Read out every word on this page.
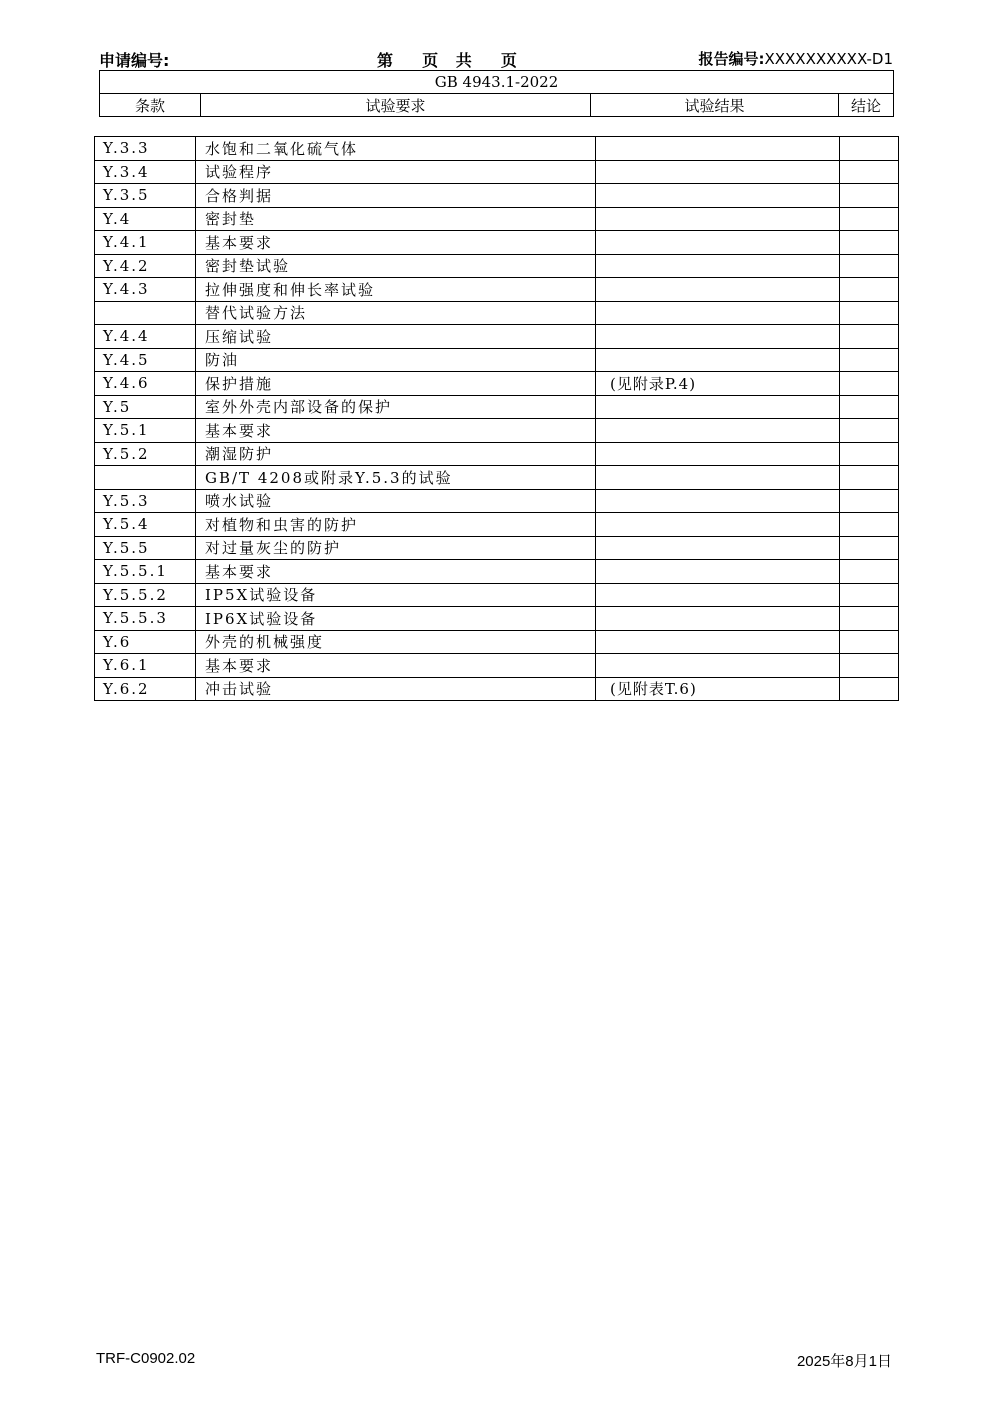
申请编号:	第  页 共  页	报告编号:XXXXXXXXXX-D1
GB 4943.1-2022
条款	试验要求	试验结果	结论
Y.3.3	水饱和二氧化硫气体		
Y.3.4	试验程序		
Y.3.5	合格判据		
Y.4	密封垫		
Y.4.1	基本要求		
Y.4.2	密封垫试验		
Y.4.3	拉伸强度和伸长率试验		
	替代试验方法		
Y.4.4	压缩试验		
Y.4.5	防油		
Y.4.6	保护措施	(见附录P.4)	
Y.5	室外外壳内部设备的保护		
Y.5.1	基本要求		
Y.5.2	潮湿防护		
	GB/T 4208或附录Y.5.3的试验		
Y.5.3	喷水试验		
Y.5.4	对植物和虫害的防护		
Y.5.5	对过量灰尘的防护		
Y.5.5.1	基本要求		
Y.5.5.2	IP5X试验设备		
Y.5.5.3	IP6X试验设备		
Y.6	外壳的机械强度		
Y.6.1	基本要求		
Y.6.2	冲击试验	(见附表T.6)	
TRF-C0902.02	2025年8月1日
